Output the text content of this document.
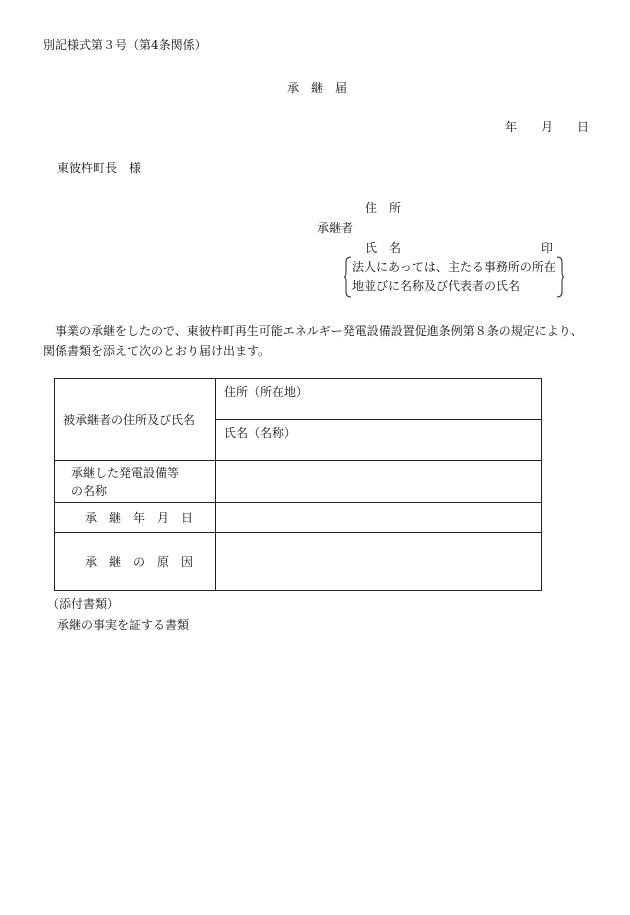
別記様式第３号（第4条関係）
承　継　届
年 月 日
東彼杵町長　様
住　所
承継者
氏　名	印
法人にあっては、主たる事務所の所在
地並びに名称及び代表者の氏名
事業の承継をしたので、東彼杵町再生可能エネルギー発電設備設置促進条例第８条の規定により、関係書類を添えて次のとおり届け出ます。
被承継者の住所及び氏名	住所（所在地）
	氏名（名称）

承継した発電設備等
の名称	

承　継　年　月　日	
承　継　の　原　因	
（添付書類）
承継の事実を証する書類
